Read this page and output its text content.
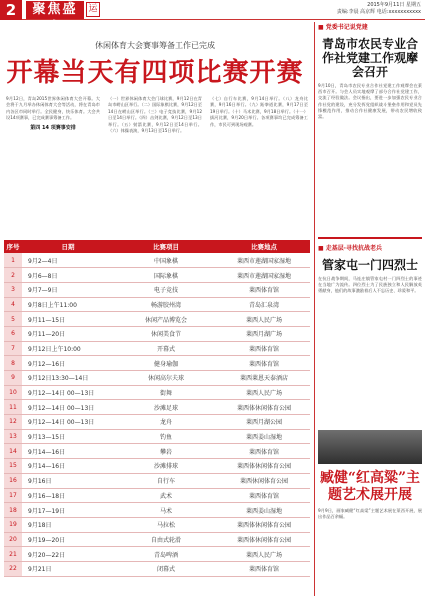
2	聚焦盛会
运	2015年9月11日 星期五
责编:李晨 高京辉 电话:xxxxxxxxxxx
休闲体育大会赛事筹备工作已完成
开幕当天有四项比赛开赛
9月12日，青岛2015世界休闲体育大会开幕。大会将于九月举办休闲体育大会等活动，将在青岛市内各区市同时举行。全民健身，快乐体育。大会共设14项赛事，已完成赛事筹备工作。
第四 14 项赛事安排
（一）世界休闲体育大会门球比赛，9月12日在青岛市崂山区举行。（二）国际象棋比赛，9月12日至14日在崂山区举行。（三）电子竞技比赛，9月12日至14日举行。（四）击剑比赛，9月12日至13日举行。（五）射箭比赛，9月12日至14日举行。（六）体操表演，9月13日至15日举行。
（七）自行车比赛，9月14日举行。（八）龙舟比赛，9月16日举行。（九）跆拳道比赛，9月17日至19日举行。（十）马术比赛，9月18日举行。（十一）拔河比赛，9月20日举行。各项赛事均已完成筹备工作，市民可到现场观赛。
序号	日期	比赛项目	比赛地点
1	9月2—4日	中国象棋	莱西市莲湖国家湿地
2	9月6—8日	国际象棋	莱西市莲湖国家湿地
3	9月7—9日	电子竞技	莱西体育馆
4	9月8日上午11:00	畅游胶州湾	青岛汇泉湾
5	9月11—15日	休闲产品博览会	莱西人民广场
6	9月11—20日	休闲美食节	莱西月湖广场
7	9月12日上午10:00	开幕式	莱西体育馆
8	9月12—16日	健身瑜伽	莱西体育馆
9	9月12日13:30—14日	休闲高尔夫球	莱西莱恩天泰酒店
10	9月12—14日 00—13日	街舞	莱西人民广场
11	9月12—14日 00—13日	沙滩足球	莱西体休闲体育公园
12	9月12—14日 00—13日	龙舟	莱西月湖公园
13	9月13—15日	钓鱼	莱西姜山湿地
14	9月14—16日	攀岩	莱西体育馆
15	9月14—16日	沙滩排球	莱西体休闲体育公园
16	9月16日	自行车	莱西休闲体育公园
17	9月16—18日	武术	莱西体育馆
18	9月17—19日	马术	莱西姜山湿地
19	9月18日	马拉松	莱西体休闲体育公园
20	9月19—20日	自由式轮滑	莱西体休闲体育公园
21	9月20—22日	青岛啤酒	莱西人民广场
22	9月21日	闭幕式	莱西体育馆
■ 党委书记说党建
青岛市农民专业合作社党建工作观摩会召开
9月10日，青岛市农民专业合作社党建工作观摩会在莱西市召开。与会人员实地观摩了部分合作社党建工作，交流了经验做法。会议指出，要进一步加强农民专业合作社党的建设，充分发挥党组织战斗堡垒作用和党员先锋模范作用，推动合作社健康发展，带动农民增收致富。
■ 走基层·寻找抗战老兵
管家屯一门四烈士
在抗日战争期间，马连庄镇管家屯村一门四烈士的事迹在当地广为流传。四位烈士为了民族独立和人民解放英勇献身，他们的故事激励着后人不忘历史、珍爱和平。
臧健“红高粱”主题艺术展开展
9月9日，画家臧健“红高粱”主题艺术展在莱西开展，展出作品百余幅。
